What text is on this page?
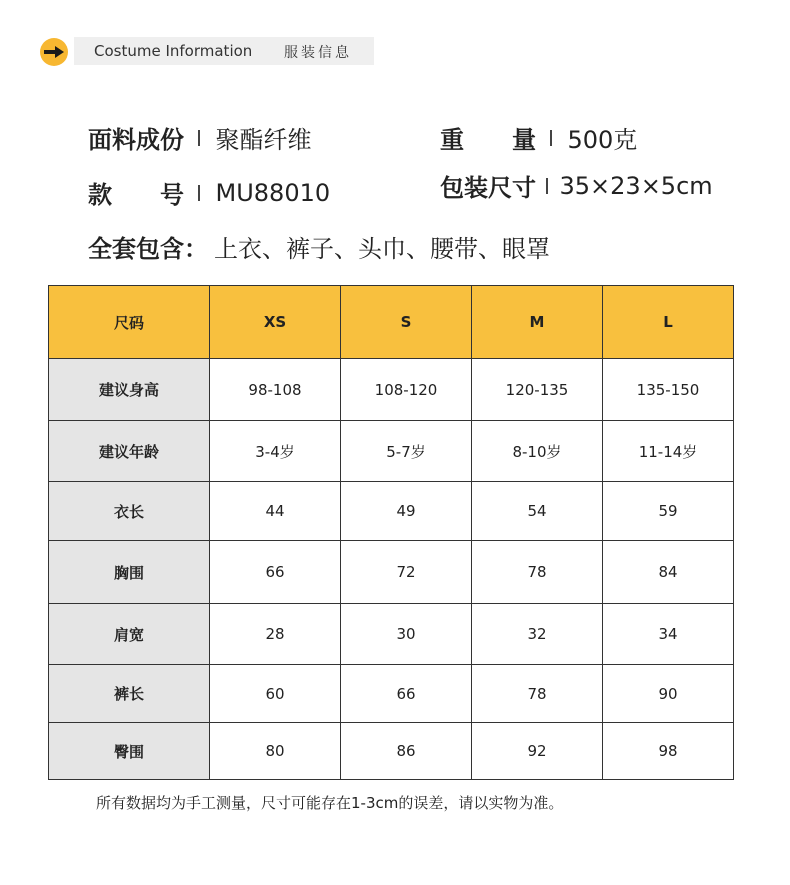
Costume Information 服装信息
面料成份 聚酯纤维	重　　量 500克
款　　号 MU88010	包装尺寸 35×23×5cm
全套包含： 上衣、裤子、头巾、腰带、眼罩
尺码	XS	S	M	L
建议身高	98-108	108-120	120-135	135-150
建议年龄	3-4岁	5-7岁	8-10岁	11-14岁
衣长	44	49	54	59
胸围	66	72	78	84
肩宽	28	30	32	34
裤长	60	66	78	90
臀围	80	86	92	98
所有数据均为手工测量，尺寸可能存在1-3cm的误差，请以实物为准。
